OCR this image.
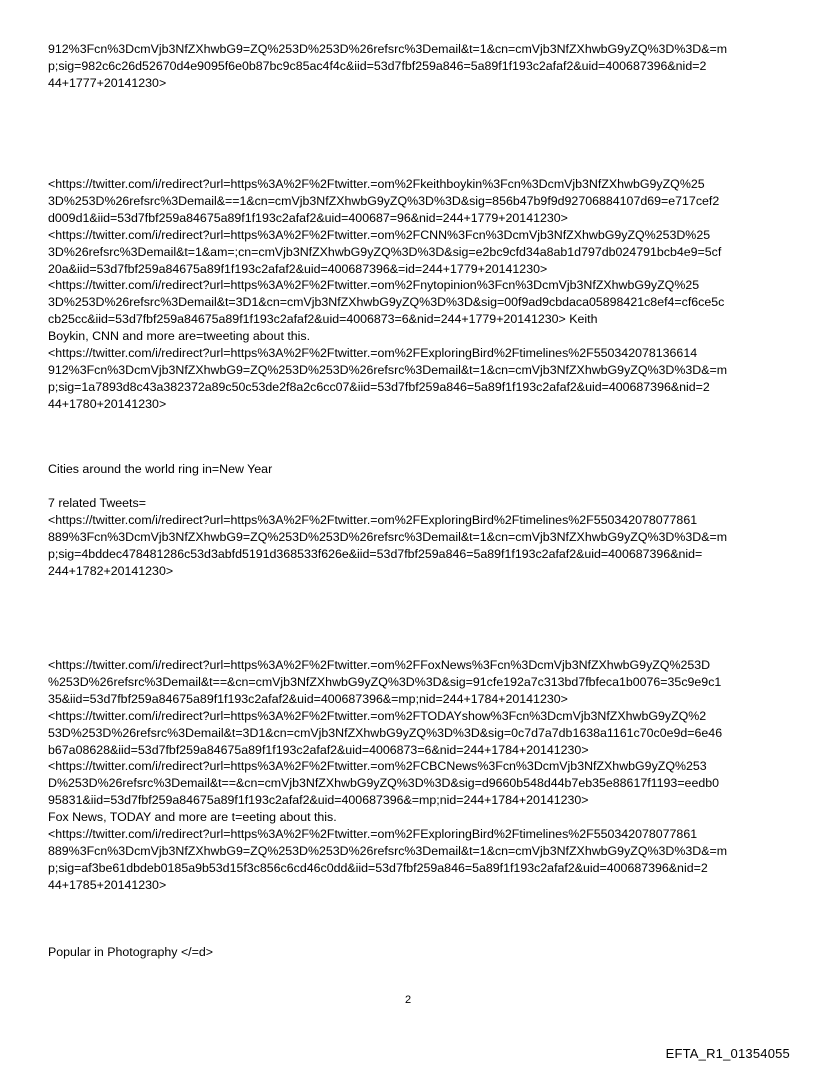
912%3Fcn%3DcmVjb3NfZXhwbG9=ZQ%253D%253D%26refsrc%3Demail&t=1&cn=cmVjb3NfZXhwbG9yZQ%3D%3D&=m
p;sig=982c6c26d52670d4e9095f6e0b87bc9c85ac4f4c&iid=53d7fbf259a846=5a89f1f193c2afaf2&uid=400687396&nid=2
44+1777+20141230>

<https://twitter.com/i/redirect?url=https%3A%2F%2Ftwitter.=om%2Fkeithboykin%3Fcn%3DcmVjb3NfZXhwbG9yZQ%25
3D%253D%26refsrc%3Demail&==1&cn=cmVjb3NfZXhwbG9yZQ%3D%3D&sig=856b47b9f9d92706884107d69=e717cef2
d009d1&iid=53d7fbf259a84675a89f1f193c2afaf2&uid=400687=96&nid=244+1779+20141230>
<https://twitter.com/i/redirect?url=https%3A%2F%2Ftwitter.=om%2FCNN%3Fcn%3DcmVjb3NfZXhwbG9yZQ%253D%25
3D%26refsrc%3Demail&t=1&am=;cn=cmVjb3NfZXhwbG9yZQ%3D%3D&sig=e2bc9cfd34a8ab1d797db024791bcb4e9=5cf
20a&iid=53d7fbf259a84675a89f1f193c2afaf2&uid=400687396&=id=244+1779+20141230>
<https://twitter.com/i/redirect?url=https%3A%2F%2Ftwitter.=om%2Fnytopinion%3Fcn%3DcmVjb3NfZXhwbG9yZQ%25
3D%253D%26refsrc%3Demail&t=3D1&cn=cmVjb3NfZXhwbG9yZQ%3D%3D&sig=00f9ad9cbdaca05898421c8ef4=cf6ce5c
cb25cc&iid=53d7fbf259a84675a89f1f193c2afaf2&uid=4006873=6&nid=244+1779+20141230> Keith
Boykin, CNN and more are=tweeting about this.
<https://twitter.com/i/redirect?url=https%3A%2F%2Ftwitter.=om%2FExploringBird%2Ftimelines%2F550342078136614
912%3Fcn%3DcmVjb3NfZXhwbG9=ZQ%253D%253D%26refsrc%3Demail&t=1&cn=cmVjb3NfZXhwbG9yZQ%3D%3D&=m
p;sig=1a7893d8c43a382372a89c50c53de2f8a2c6cc07&iid=53d7fbf259a846=5a89f1f193c2afaf2&uid=400687396&nid=2
44+1780+20141230>

Cities around the world ring in=New Year

7 related Tweets=
<https://twitter.com/i/redirect?url=https%3A%2F%2Ftwitter.=om%2FExploringBird%2Ftimelines%2F550342078077861
889%3Fcn%3DcmVjb3NfZXhwbG9=ZQ%253D%253D%26refsrc%3Demail&t=1&cn=cmVjb3NfZXhwbG9yZQ%3D%3D&=m
p;sig=4bddec478481286c53d3abfd5191d368533f626e&iid=53d7fbf259a846=5a89f1f193c2afaf2&uid=400687396&nid=
244+1782+20141230>

<https://twitter.com/i/redirect?url=https%3A%2F%2Ftwitter.=om%2FFoxNews%3Fcn%3DcmVjb3NfZXhwbG9yZQ%253D
%253D%26refsrc%3Demail&t==&cn=cmVjb3NfZXhwbG9yZQ%3D%3D&sig=91cfe192a7c313bd7fbfeca1b0076=35c9e9c1
35&iid=53d7fbf259a84675a89f1f193c2afaf2&uid=400687396&=mp;nid=244+1784+20141230>
<https://twitter.com/i/redirect?url=https%3A%2F%2Ftwitter.=om%2FTODAYshow%3Fcn%3DcmVjb3NfZXhwbG9yZQ%2
53D%253D%26refsrc%3Demail&t=3D1&cn=cmVjb3NfZXhwbG9yZQ%3D%3D&sig=0c7d7a7db1638a1161c70c0e9d=6e46
b67a08628&iid=53d7fbf259a84675a89f1f193c2afaf2&uid=4006873=6&nid=244+1784+20141230>
<https://twitter.com/i/redirect?url=https%3A%2F%2Ftwitter.=om%2FCBCNews%3Fcn%3DcmVjb3NfZXhwbG9yZQ%253
D%253D%26refsrc%3Demail&t==&cn=cmVjb3NfZXhwbG9yZQ%3D%3D&sig=d9660b548d44b7eb35e88617f1193=eedb0
95831&iid=53d7fbf259a84675a89f1f193c2afaf2&uid=400687396&=mp;nid=244+1784+20141230>
Fox News, TODAY and more are t=eeting about this.
<https://twitter.com/i/redirect?url=https%3A%2F%2Ftwitter.=om%2FExploringBird%2Ftimelines%2F550342078077861
889%3Fcn%3DcmVjb3NfZXhwbG9=ZQ%253D%253D%26refsrc%3Demail&t=1&cn=cmVjb3NfZXhwbG9yZQ%3D%3D&=m
p;sig=af3be61dbdeb0185a9b53d15f3c856c6cd46c0dd&iid=53d7fbf259a846=5a89f1f193c2afaf2&uid=400687396&nid=2
44+1785+20141230>

Popular in Photography </=d>

2
EFTA_R1_01354055
